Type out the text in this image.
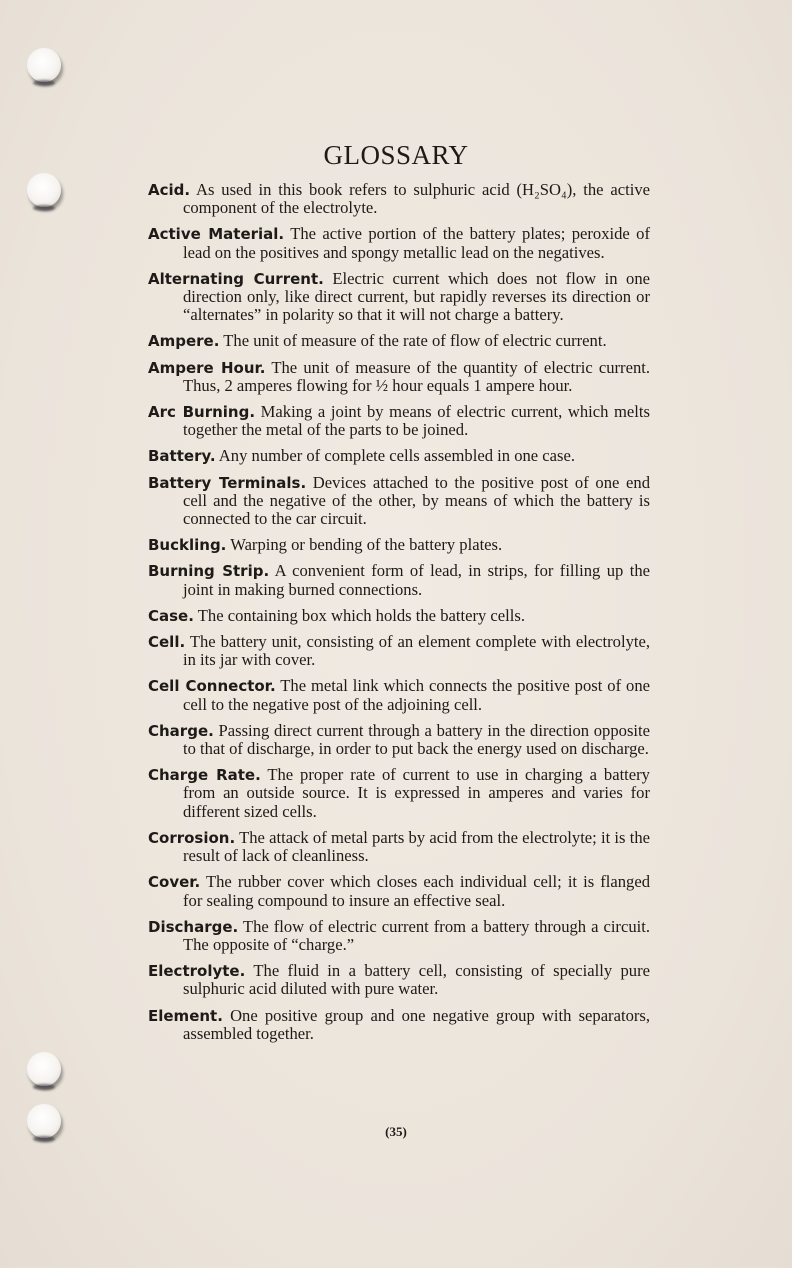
GLOSSARY

Acid. As used in this book refers to sulphuric acid (H₂SO₄), the active component of the electrolyte.

Active Material. The active portion of the battery plates; peroxide of lead on the positives and spongy metallic lead on the negatives.

Alternating Current. Electric current which does not flow in one direction only, like direct current, but rapidly reverses its direction or “alternates” in polarity so that it will not charge a battery.

Ampere. The unit of measure of the rate of flow of electric current.

Ampere Hour. The unit of measure of the quantity of electric current. Thus, 2 amperes flowing for ½ hour equals 1 ampere hour.

Arc Burning. Making a joint by means of electric current, which melts together the metal of the parts to be joined.

Battery. Any number of complete cells assembled in one case.

Battery Terminals. Devices attached to the positive post of one end cell and the negative of the other, by means of which the battery is connected to the car circuit.

Buckling. Warping or bending of the battery plates.

Burning Strip. A convenient form of lead, in strips, for filling up the joint in making burned connections.

Case. The containing box which holds the battery cells.

Cell. The battery unit, consisting of an element complete with electrolyte, in its jar with cover.

Cell Connector. The metal link which connects the positive post of one cell to the negative post of the adjoining cell.

Charge. Passing direct current through a battery in the direction opposite to that of discharge, in order to put back the energy used on discharge.

Charge Rate. The proper rate of current to use in charging a battery from an outside source. It is expressed in amperes and varies for different sized cells.

Corrosion. The attack of metal parts by acid from the electrolyte; it is the result of lack of cleanliness.

Cover. The rubber cover which closes each individual cell; it is flanged for sealing compound to insure an effective seal.

Discharge. The flow of electric current from a battery through a circuit. The opposite of “charge.”

Electrolyte. The fluid in a battery cell, consisting of specially pure sulphuric acid diluted with pure water.

Element. One positive group and one negative group with separators, assembled together.

(35)
